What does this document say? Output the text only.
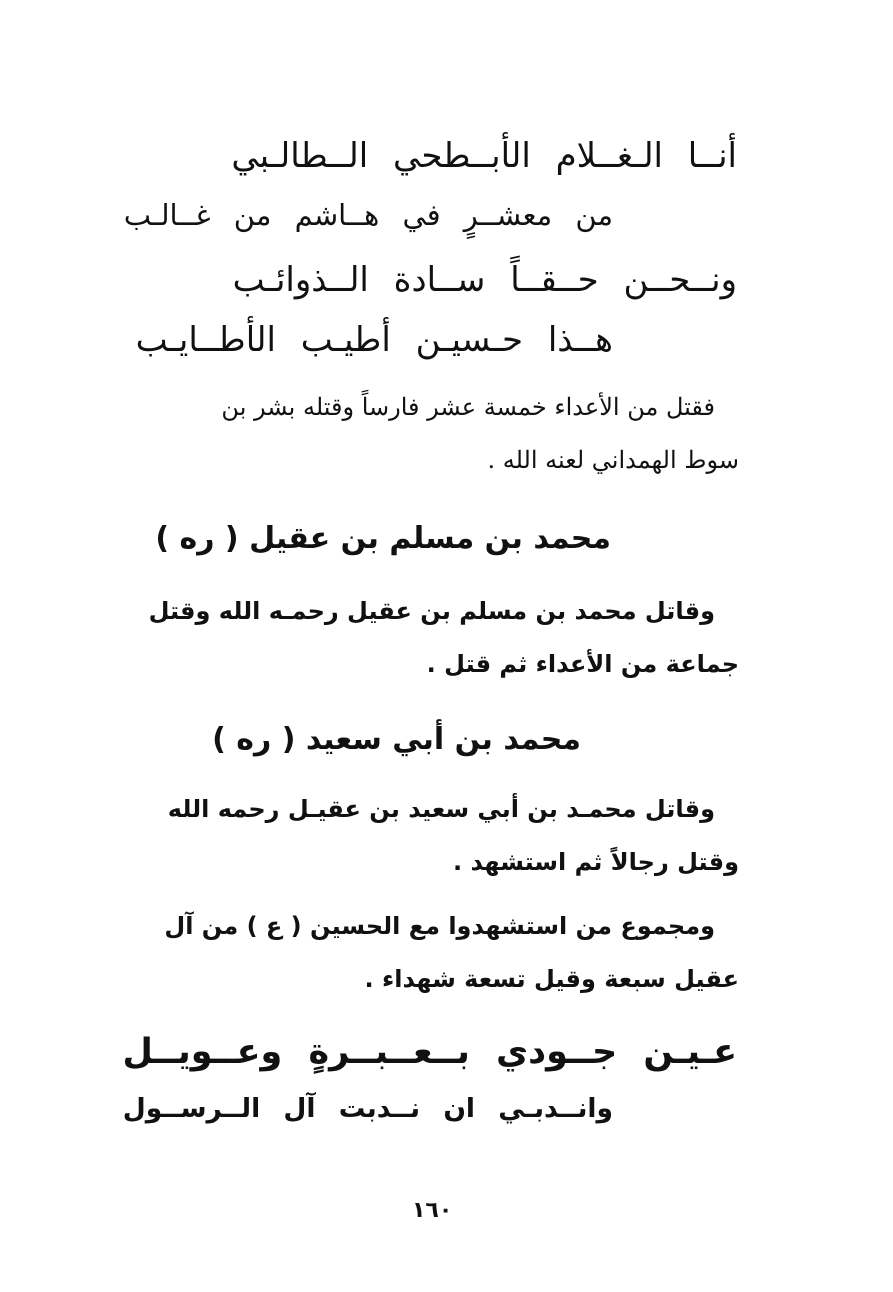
أنــا الـغــلام الأبــطحي الــطالـبي
من معشــرٍ في هــاشم من غــالـب
ونــحــن حــقــاً ســادة الــذوائـب
هــذا حـسيـن أطيـب الأطــايـب
فقتل من الأعداء خمسة عشر فارساً وقتله بشر بن
سوط الهمداني لعنه الله .
محمد بن مسلم بن عقيل ( ره )
وقاتل محمد بن مسلم بن عقيل رحمـه الله وقتل
جماعة من الأعداء ثم قتل .
محمد بن أبي سعيد ( ره )
وقاتل محمـد بن أبي سعيد بن عقيـل رحمه الله
وقتل رجالاً ثم استشهد .
ومجموع من استشهدوا مع الحسين ( ع ) من آل
عقيل سبعة وقيل تسعة شهداء .
عـيـن جــودي بــعــبــرةٍ وعــويــل
وانــدبـي ان نــدبت آل الــرســول
١٦٠
